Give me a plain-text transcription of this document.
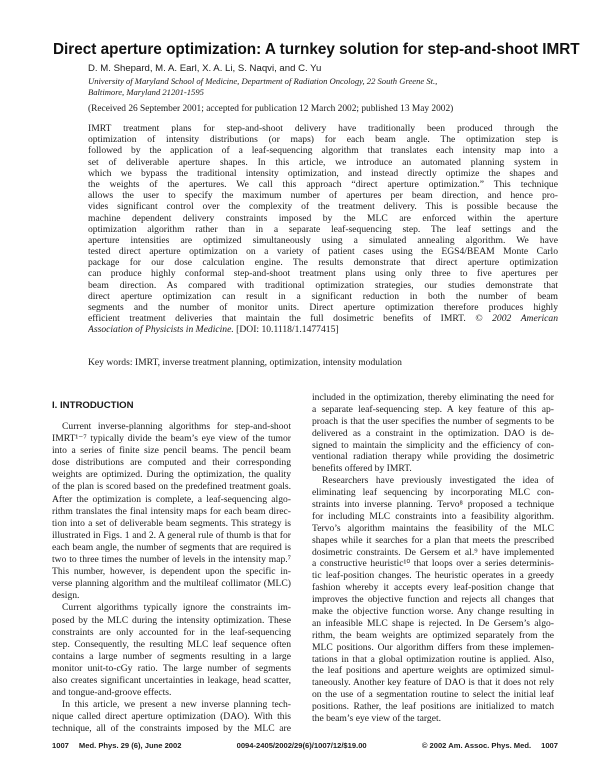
Direct aperture optimization: A turnkey solution for step-and-shoot IMRT
D. M. Shepard, M. A. Earl, X. A. Li, S. Naqvi, and C. Yu
University of Maryland School of Medicine, Department of Radiation Oncology, 22 South Greene St.,
Baltimore, Maryland 21201-1595
(Received 26 September 2001; accepted for publication 12 March 2002; published 13 May 2002)
IMRT treatment plans for step-and-shoot delivery have traditionally been produced through the
optimization of intensity distributions (or maps) for each beam angle. The optimization step is
followed by the application of a leaf-sequencing algorithm that translates each intensity map into a
set of deliverable aperture shapes. In this article, we introduce an automated planning system in
which we bypass the traditional intensity optimization, and instead directly optimize the shapes and
the weights of the apertures. We call this approach “direct aperture optimization.” This technique
allows the user to specify the maximum number of apertures per beam direction, and hence pro-
vides significant control over the complexity of the treatment delivery. This is possible because the
machine dependent delivery constraints imposed by the MLC are enforced within the aperture
optimization algorithm rather than in a separate leaf-sequencing step. The leaf settings and the
aperture intensities are optimized simultaneously using a simulated annealing algorithm. We have
tested direct aperture optimization on a variety of patient cases using the EGS4/BEAM Monte Carlo
package for our dose calculation engine. The results demonstrate that direct aperture optimization
can produce highly conformal step-and-shoot treatment plans using only three to five apertures per
beam direction. As compared with traditional optimization strategies, our studies demonstrate that
direct aperture optimization can result in a significant reduction in both the number of beam
segments and the number of monitor units. Direct aperture optimization therefore produces highly
efficient treatment deliveries that maintain the full dosimetric benefits of IMRT. © 2002 American
Association of Physicists in Medicine. [DOI: 10.1118/1.1477415]
Key words: IMRT, inverse treatment planning, optimization, intensity modulation
I. INTRODUCTION
Current inverse-planning algorithms for step-and-shoot
IMRT¹⁻⁷ typically divide the beam’s eye view of the tumor
into a series of finite size pencil beams. The pencil beam
dose distributions are computed and their corresponding
weights are optimized. During the optimization, the quality
of the plan is scored based on the predefined treatment goals.
After the optimization is complete, a leaf-sequencing algo-
rithm translates the final intensity maps for each beam direc-
tion into a set of deliverable beam segments. This strategy is
illustrated in Figs. 1 and 2. A general rule of thumb is that for
each beam angle, the number of segments that are required is
two to three times the number of levels in the intensity map.⁷
This number, however, is dependent upon the specific in-
verse planning algorithm and the multileaf collimator (MLC)
design.
Current algorithms typically ignore the constraints im-
posed by the MLC during the intensity optimization. These
constraints are only accounted for in the leaf-sequencing
step. Consequently, the resulting MLC leaf sequence often
contains a large number of segments resulting in a large
monitor unit-to-cGy ratio. The large number of segments
also creates significant uncertainties in leakage, head scatter,
and tongue-and-groove effects.
In this article, we present a new inverse planning tech-
nique called direct aperture optimization (DAO). With this
technique, all of the constraints imposed by the MLC are
included in the optimization, thereby eliminating the need for
a separate leaf-sequencing step. A key feature of this ap-
proach is that the user specifies the number of segments to be
delivered as a constraint in the optimization. DAO is de-
signed to maintain the simplicity and the efficiency of con-
ventional radiation therapy while providing the dosimetric
benefits offered by IMRT.
Researchers have previously investigated the idea of
eliminating leaf sequencing by incorporating MLC con-
straints into inverse planning. Tervo⁸ proposed a technique
for including MLC constraints into a feasibility algorithm.
Tervo’s algorithm maintains the feasibility of the MLC
shapes while it searches for a plan that meets the prescribed
dosimetric constraints. De Gersem et al.⁹ have implemented
a constructive heuristic¹⁰ that loops over a series determinis-
tic leaf-position changes. The heuristic operates in a greedy
fashion whereby it accepts every leaf-position change that
improves the objective function and rejects all changes that
make the objective function worse. Any change resulting in
an infeasible MLC shape is rejected. In De Gersem’s algo-
rithm, the beam weights are optimized separately from the
MLC positions. Our algorithm differs from these implemen-
tations in that a global optimization routine is applied. Also,
the leaf positions and aperture weights are optimized simul-
taneously. Another key feature of DAO is that it does not rely
on the use of a segmentation routine to select the initial leaf
positions. Rather, the leaf positions are initialized to match
the beam’s eye view of the target.
1007 Med. Phys. 29 (6), June 2002	0094-2405/2002/29(6)/1007/12/$19.00	© 2002 Am. Assoc. Phys. Med. 1007
